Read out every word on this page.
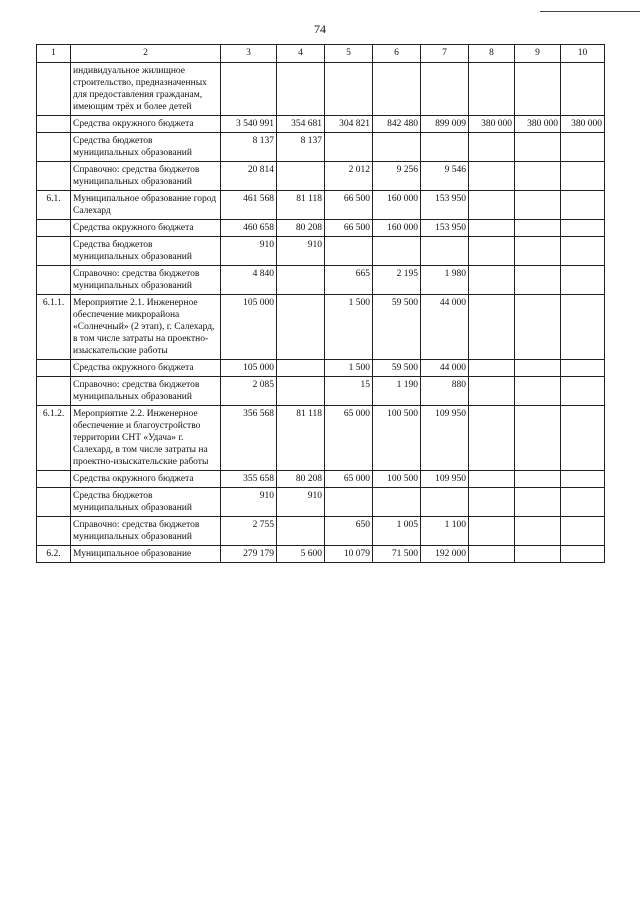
74
1	2	3	4	5	6	7	8	9	10
	индивидуальное жилищное строительство, предназначенных для предоставления гражданам, имеющим трёх и более детей								
	Средства окружного бюджета	3 540 991	354 681	304 821	842 480	899 009	380 000	380 000	380 000
	Средства бюджетов муниципальных образований	8 137	8 137						
	Справочно: средства бюджетов муниципальных образований	20 814		2 012	9 256	9 546			
6.1.	Муниципальное образование город Салехард	461 568	81 118	66 500	160 000	153 950			
	Средства окружного бюджета	460 658	80 208	66 500	160 000	153 950			
	Средства бюджетов муниципальных образований	910	910						
	Справочно: средства бюджетов муниципальных образований	4 840		665	2 195	1 980			
6.1.1.	Мероприятие 2.1. Инженерное обеспечение микрорайона «Солнечный» (2 этап), г. Салехард, в том числе затраты на проектно-изыскательские работы	105 000		1 500	59 500	44 000			
	Средства окружного бюджета	105 000		1 500	59 500	44 000			
	Справочно: средства бюджетов муниципальных образований	2 085		15	1 190	880			
6.1.2.	Мероприятие 2.2. Инженерное обеспечение и благоустройство территории СНТ «Удача» г. Салехард, в том числе затраты на проектно-изыскательские работы	356 568	81 118	65 000	100 500	109 950			
	Средства окружного бюджета	355 658	80 208	65 000	100 500	109 950			
	Средства бюджетов муниципальных образований	910	910						
	Справочно: средства бюджетов муниципальных образований	2 755		650	1 005	1 100			
6.2.	Муниципальное образование	279 179	5 600	10 079	71 500	192 000			
